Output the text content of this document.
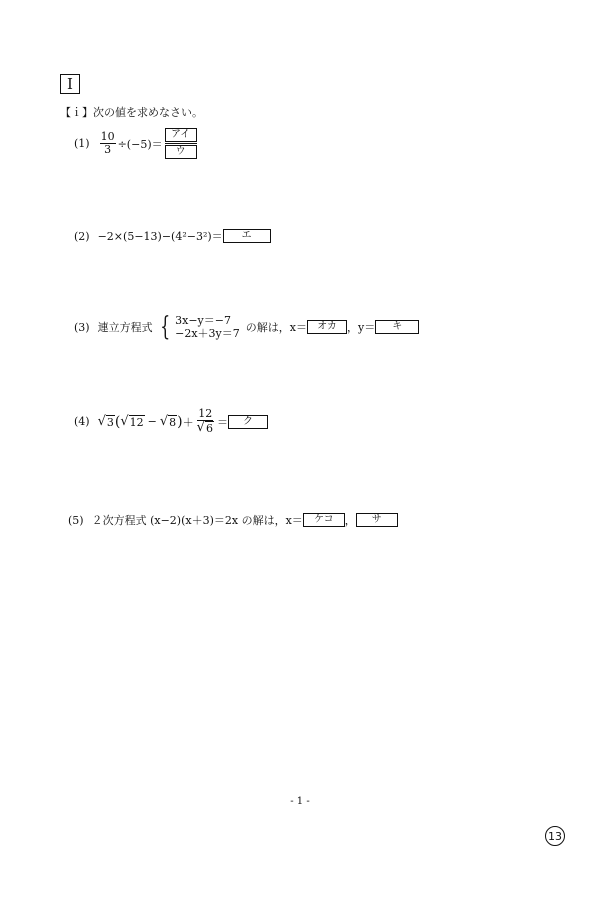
I
【ｉ】次の値を求めなさい。
$(1) \frac{10}{3} \div(-5)=$
アイ
ウ
(2) −2×(5−13)−(4²−3²)＝	エ
(3) 連立方程式 { 3x−y＝−7
−2x＋3y＝7 の解は，x＝	オカ ，y＝	キ
(4) √ 3 ( √ 12 − √ 8 ) ＋ $\frac{12}{√ 6}$ ＝	ク
(5) ２次方程式 (x−2)(x＋3)＝2x の解は，x＝	ケコ	，	サ
- 1 -
13
